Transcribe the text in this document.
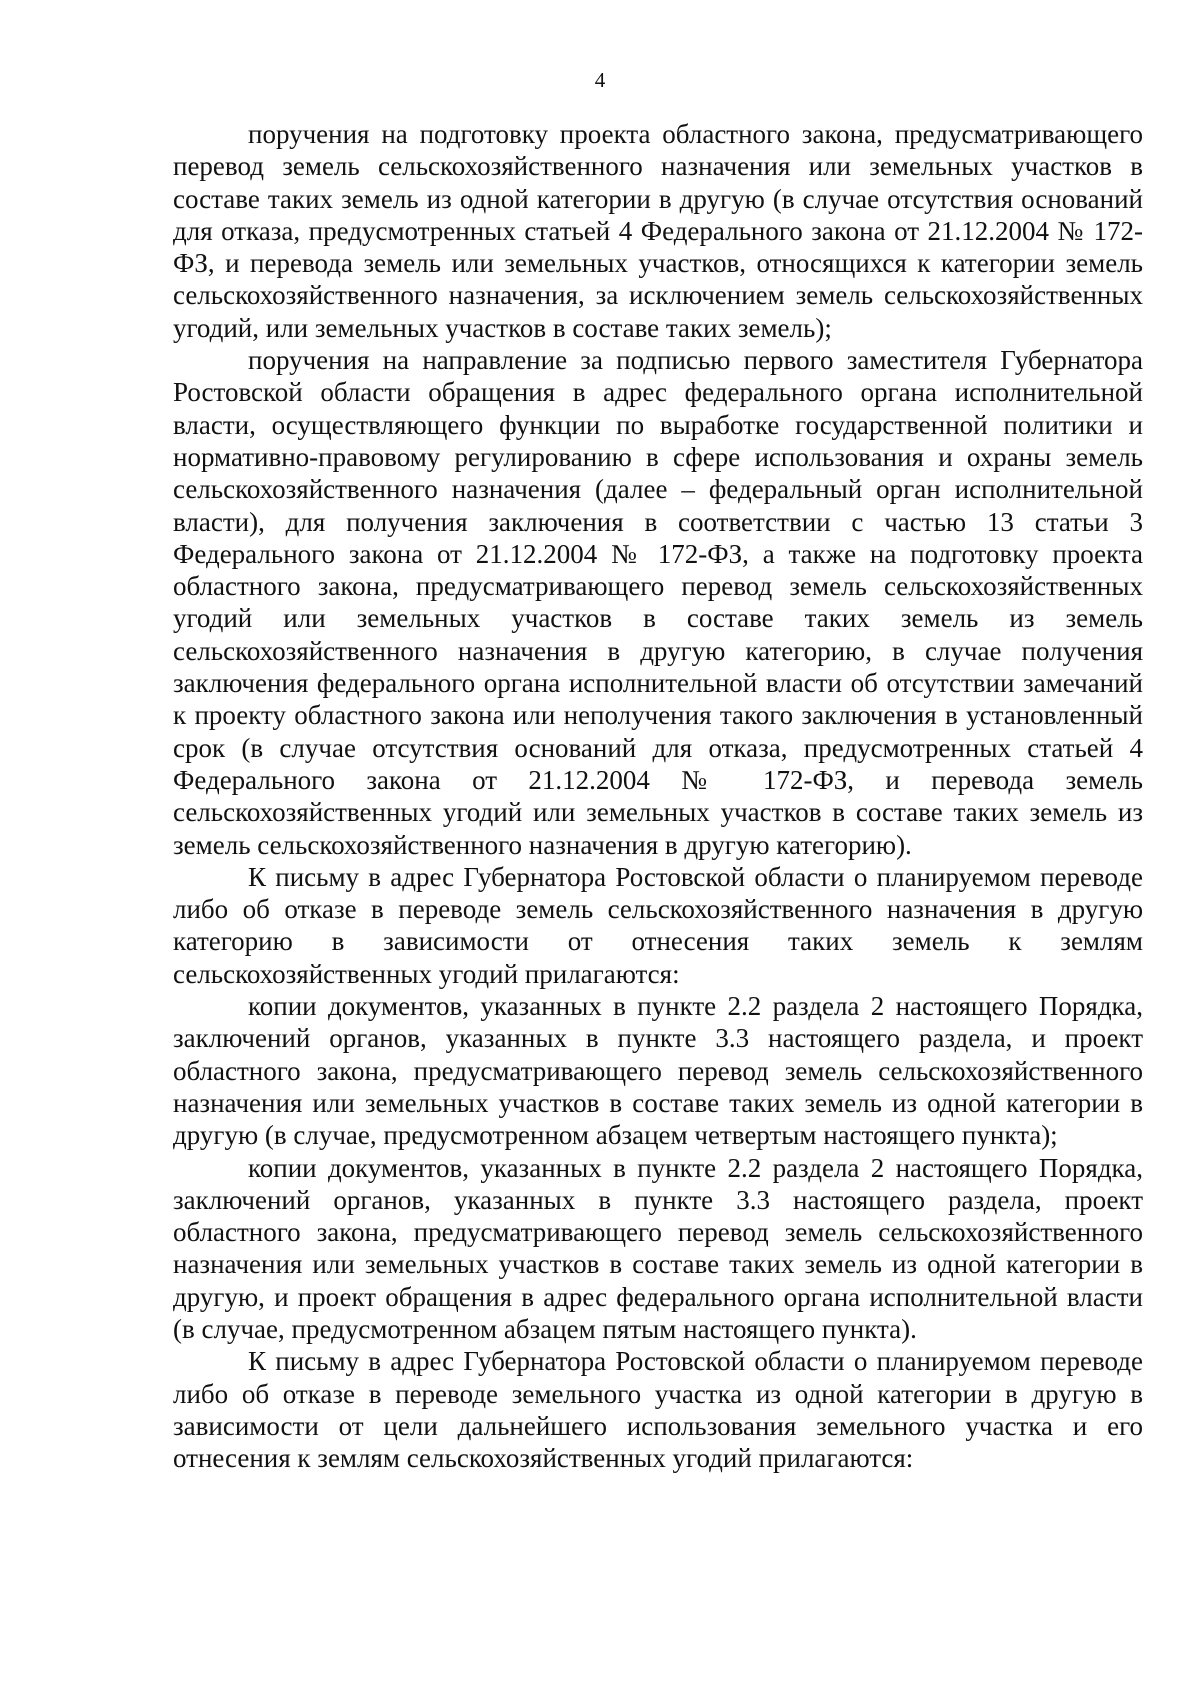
4

поручения на подготовку проекта областного закона, предусматривающего перевод земель сельскохозяйственного назначения или земельных участков в составе таких земель из одной категории в другую (в случае отсутствия оснований для отказа, предусмотренных статьей 4 Федерального закона от 21.12.2004 № 172-ФЗ, и перевода земель или земельных участков, относящихся к категории земель сельскохозяйственного назначения, за исключением земель сельскохозяйственных угодий, или земельных участков в составе таких земель);

поручения на направление за подписью первого заместителя Губернатора Ростовской области обращения в адрес федерального органа исполнительной власти, осуществляющего функции по выработке государственной политики и нормативно-правовому регулированию в сфере использования и охраны земель сельскохозяйственного назначения (далее – федеральный орган исполнительной власти), для получения заключения в соответствии с частью 13 статьи 3 Федерального закона от 21.12.2004 № 172-ФЗ, а также на подготовку проекта областного закона, предусматривающего перевод земель сельскохозяйственных угодий или земельных участков в составе таких земель из земель сельскохозяйственного назначения в другую категорию, в случае получения заключения федерального органа исполнительной власти об отсутствии замечаний к проекту областного закона или неполучения такого заключения в установленный срок (в случае отсутствия оснований для отказа, предусмотренных статьей 4 Федерального закона от 21.12.2004 № 172-ФЗ, и перевода земель сельскохозяйственных угодий или земельных участков в составе таких земель из земель сельскохозяйственного назначения в другую категорию).

К письму в адрес Губернатора Ростовской области о планируемом переводе либо об отказе в переводе земель сельскохозяйственного назначения в другую категорию в зависимости от отнесения таких земель к землям сельскохозяйственных угодий прилагаются:

копии документов, указанных в пункте 2.2 раздела 2 настоящего Порядка, заключений органов, указанных в пункте 3.3 настоящего раздела, и проект областного закона, предусматривающего перевод земель сельскохозяйственного назначения или земельных участков в составе таких земель из одной категории в другую (в случае, предусмотренном абзацем четвертым настоящего пункта);

копии документов, указанных в пункте 2.2 раздела 2 настоящего Порядка, заключений органов, указанных в пункте 3.3 настоящего раздела, проект областного закона, предусматривающего перевод земель сельскохозяйственного назначения или земельных участков в составе таких земель из одной категории в другую, и проект обращения в адрес федерального органа исполнительной власти (в случае, предусмотренном абзацем пятым настоящего пункта).

К письму в адрес Губернатора Ростовской области о планируемом переводе либо об отказе в переводе земельного участка из одной категории в другую в зависимости от цели дальнейшего использования земельного участка и его отнесения к землям сельскохозяйственных угодий прилагаются:
